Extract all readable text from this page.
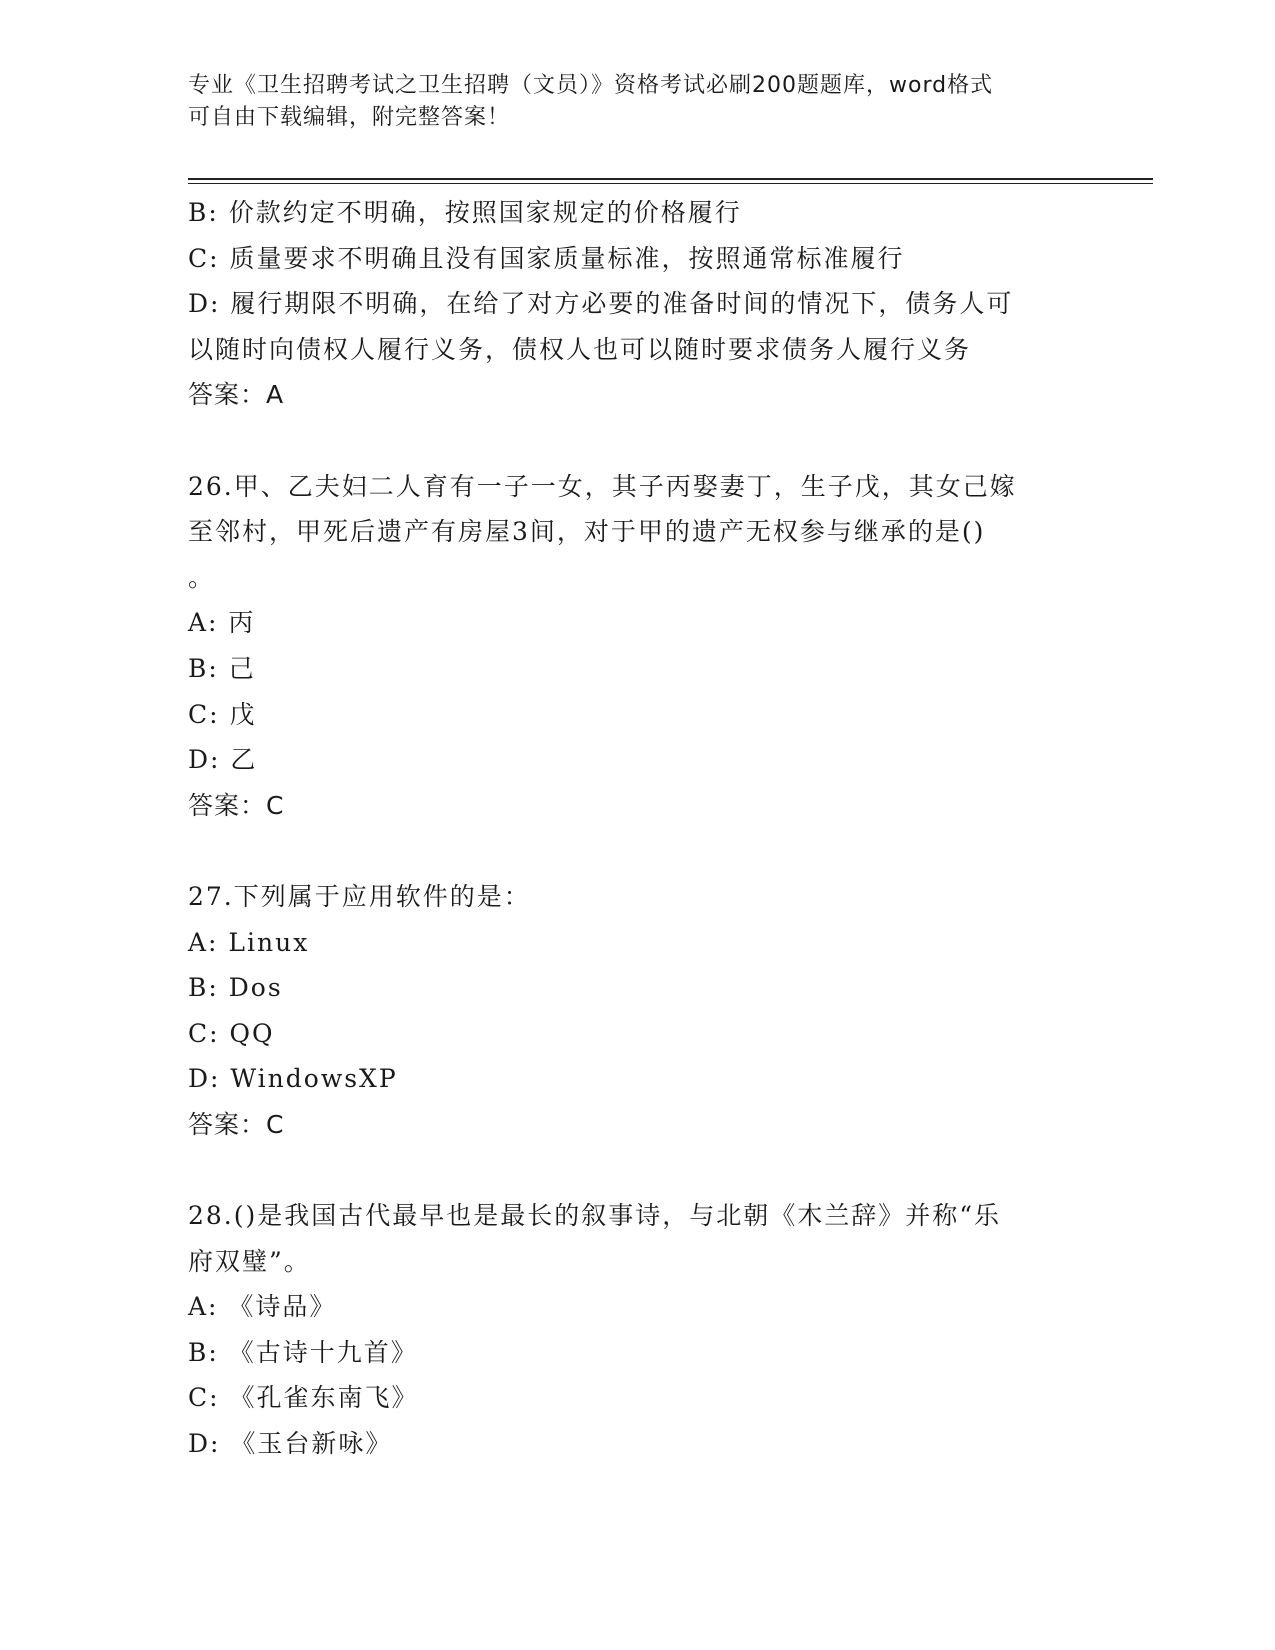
专业《卫生招聘考试之卫生招聘（文员）》资格考试必刷200题题库，word格式
可自由下载编辑，附完整答案！
B: 价款约定不明确，按照国家规定的价格履行
C: 质量要求不明确且没有国家质量标准，按照通常标准履行
D: 履行期限不明确，在给了对方必要的准备时间的情况下，债务人可
以随时向债权人履行义务，债权人也可以随时要求债务人履行义务
答案：A
26.甲、乙夫妇二人育有一子一女，其子丙娶妻丁，生子戊，其女己嫁
至邻村，甲死后遗产有房屋3间，对于甲的遗产无权参与继承的是()
。
A: 丙
B: 己
C: 戊
D: 乙
答案：C
27.下列属于应用软件的是：
A: Linux
B: Dos
C: QQ
D: WindowsXP
答案：C
28.()是我国古代最早也是最长的叙事诗，与北朝《木兰辞》并称“乐
府双璧”。
A: 《诗品》
B: 《古诗十九首》
C: 《孔雀东南飞》
D: 《玉台新咏》
